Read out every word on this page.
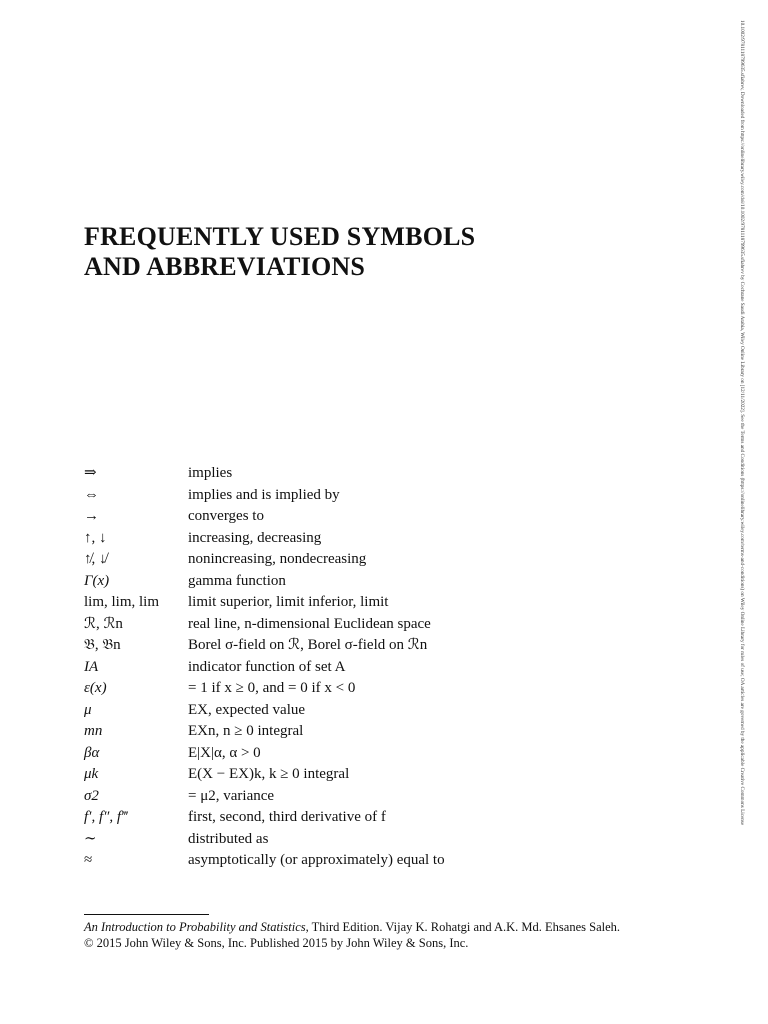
FREQUENTLY USED SYMBOLS
AND ABBREVIATIONS
⇒	implies
⇔	implies and is implied by
→	converges to
↑, ↓	increasing, decreasing
↑̸, ↓̸	nonincreasing, nondecreasing
Γ(x)	gamma function
lim, lim, lim	limit superior, limit inferior, limit
ℛ, ℛn	real line, n-dimensional Euclidean space
𝔅, 𝔅n	Borel σ-field on ℛ, Borel σ-field on ℛn
IA	indicator function of set A
ε(x)	= 1 if x ≥ 0, and = 0 if x < 0
μ	EX, expected value
mn	EXn, n ≥ 0 integral
βα	E|X|α, α > 0
μk	E(X − EX)k, k ≥ 0 integral
σ2	= μ2, variance
f′, f″, f‴	first, second, third derivative of f
∼	distributed as
≈	asymptotically (or approximately) equal to
An Introduction to Probability and Statistics, Third Edition. Vijay K. Rohatgi and A.K. Md. Ehsanes Saleh.
© 2015 John Wiley & Sons, Inc. Published 2015 by John Wiley & Sons, Inc.
10.1002/9781118799635.sfiabrev, Downloaded from https://onlinelibrary.wiley.com/doi/10.1002/9781118799635.sfiabrev by Cochrane Saudi Arabia, Wiley Online Library on [12/11/2022]. See the Terms and Conditions (https://onlinelibrary.wiley.com/terms-and-conditions) on Wiley Online Library for rules of use; OA articles are governed by the applicable Creative Commons License
